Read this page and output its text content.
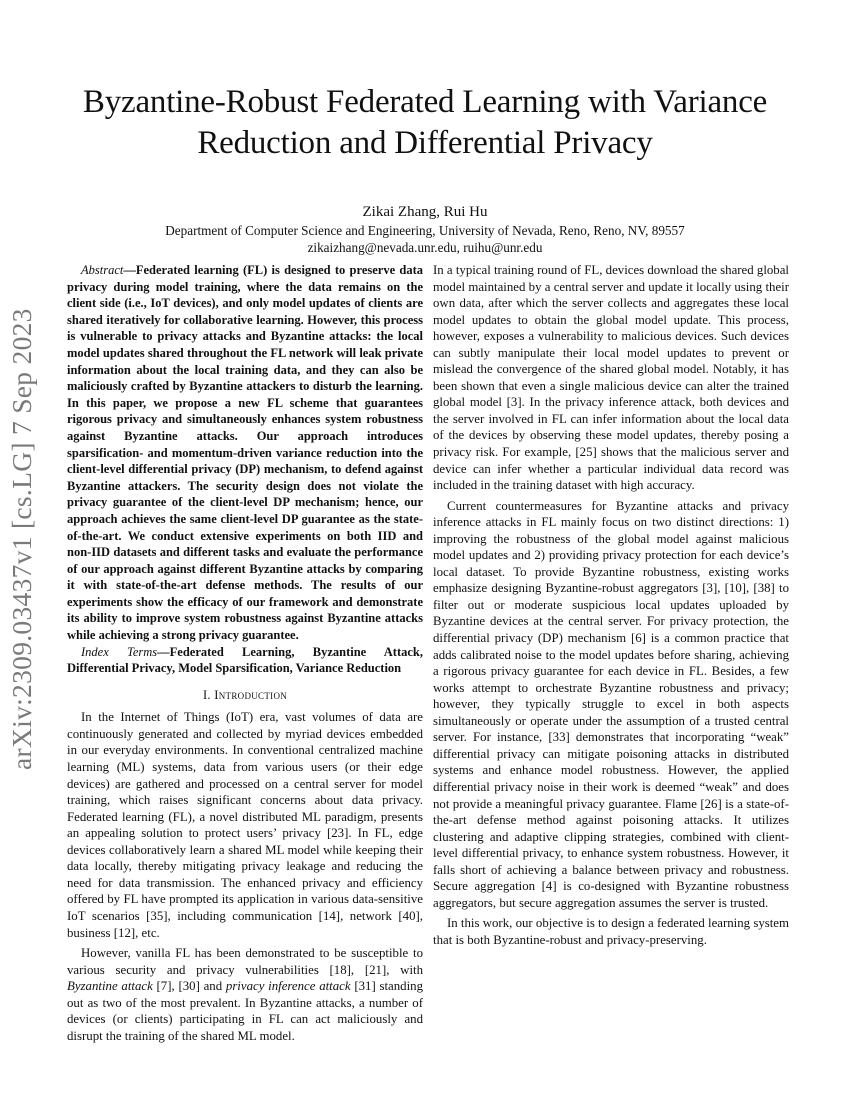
arXiv:2309.03437v1 [cs.LG] 7 Sep 2023
Byzantine-Robust Federated Learning with Variance
Reduction and Differential Privacy
Zikai Zhang, Rui Hu
Department of Computer Science and Engineering, University of Nevada, Reno, Reno, NV, 89557
zikaizhang@nevada.unr.edu, ruihu@unr.edu

Abstract—Federated learning (FL) is designed to preserve data privacy during model training, where the data remains on the client side (i.e., IoT devices), and only model updates of clients are shared iteratively for collaborative learning. However, this process is vulnerable to privacy attacks and Byzantine attacks: the local model updates shared throughout the FL network will leak private information about the local training data, and they can also be maliciously crafted by Byzantine attackers to disturb the learning. In this paper, we propose a new FL scheme that guarantees rigorous privacy and simultaneously enhances system robustness against Byzantine attacks. Our approach introduces sparsification- and momentum-driven variance reduction into the client-level differential privacy (DP) mechanism, to defend against Byzantine attackers. The security design does not violate the privacy guarantee of the client-level DP mechanism; hence, our approach achieves the same client-level DP guarantee as the state-of-the-art. We conduct extensive experiments on both IID and non-IID datasets and different tasks and evaluate the performance of our approach against different Byzantine attacks by comparing it with state-of-the-art defense methods. The results of our experiments show the efficacy of our framework and demonstrate its ability to improve system robustness against Byzantine attacks while achieving a strong privacy guarantee.

Index Terms—Federated Learning, Byzantine Attack, Differential Privacy, Model Sparsification, Variance Reduction

I. Introduction

In the Internet of Things (IoT) era, vast volumes of data are continuously generated and collected by myriad devices embedded in our everyday environments. In conventional centralized machine learning (ML) systems, data from various users (or their edge devices) are gathered and processed on a central server for model training, which raises significant concerns about data privacy. Federated learning (FL), a novel distributed ML paradigm, presents an appealing solution to protect users’ privacy [23]. In FL, edge devices collaboratively learn a shared ML model while keeping their data locally, thereby mitigating privacy leakage and reducing the need for data transmission. The enhanced privacy and efficiency offered by FL have prompted its application in various data-sensitive IoT scenarios [35], including communication [14], network [40], business [12], etc.

However, vanilla FL has been demonstrated to be susceptible to various security and privacy vulnerabilities [18], [21], with Byzantine attack [7], [30] and privacy inference attack [31] standing out as two of the most prevalent. In Byzantine attacks, a number of devices (or clients) participating in FL can act maliciously and disrupt the training of the shared ML model.

In a typical training round of FL, devices download the shared global model maintained by a central server and update it locally using their own data, after which the server collects and aggregates these local model updates to obtain the global model update. This process, however, exposes a vulnerability to malicious devices. Such devices can subtly manipulate their local model updates to prevent or mislead the convergence of the shared global model. Notably, it has been shown that even a single malicious device can alter the trained global model [3]. In the privacy inference attack, both devices and the server involved in FL can infer information about the local data of the devices by observing these model updates, thereby posing a privacy risk. For example, [25] shows that the malicious server and device can infer whether a particular individual data record was included in the training dataset with high accuracy.

Current countermeasures for Byzantine attacks and privacy inference attacks in FL mainly focus on two distinct directions: 1) improving the robustness of the global model against malicious model updates and 2) providing privacy protection for each device’s local dataset. To provide Byzantine robustness, existing works emphasize designing Byzantine-robust aggregators [3], [10], [38] to filter out or moderate suspicious local updates uploaded by Byzantine devices at the central server. For privacy protection, the differential privacy (DP) mechanism [6] is a common practice that adds calibrated noise to the model updates before sharing, achieving a rigorous privacy guarantee for each device in FL. Besides, a few works attempt to orchestrate Byzantine robustness and privacy; however, they typically struggle to excel in both aspects simultaneously or operate under the assumption of a trusted central server. For instance, [33] demonstrates that incorporating “weak” differential privacy can mitigate poisoning attacks in distributed systems and enhance model robustness. However, the applied differential privacy noise in their work is deemed “weak” and does not provide a meaningful privacy guarantee. Flame [26] is a state-of-the-art defense method against poisoning attacks. It utilizes clustering and adaptive clipping strategies, combined with client-level differential privacy, to enhance system robustness. However, it falls short of achieving a balance between privacy and robustness. Secure aggregation [4] is co-designed with Byzantine robustness aggregators, but secure aggregation assumes the server is trusted.

In this work, our objective is to design a federated learning system that is both Byzantine-robust and privacy-preserving.
